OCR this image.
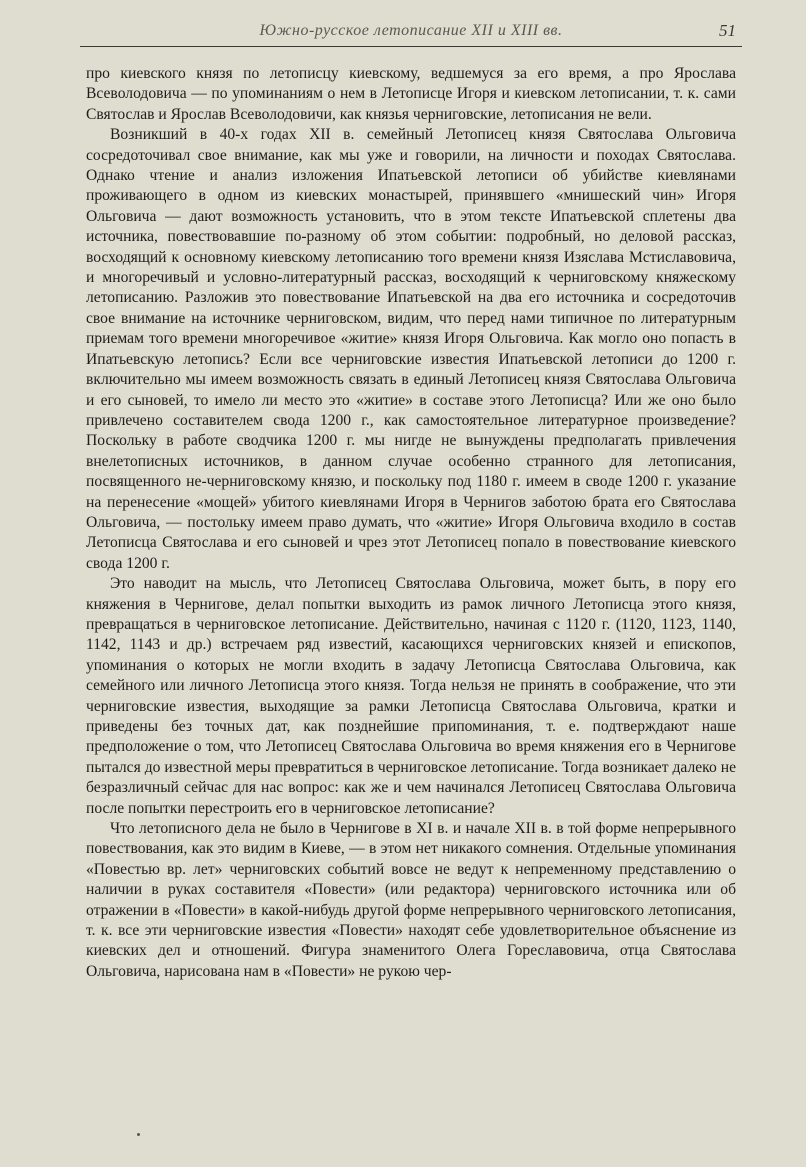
Южно-русское летописание XII и XIII вв.	51

про киевского князя по летописцу киевскому, ведшемуся за его время, а про Ярослава Всеволодовича — по упоминаниям о нем в Летописце Игоря и киевском летописании, т. к. сами Святослав и Ярослав Всеволодовичи, как князья черниговские, летописания не вели.

Возникший в 40-х годах XII в. семейный Летописец князя Святослава Ольговича сосредоточивал свое внимание, как мы уже и говорили, на личности и походах Святослава. Однако чтение и анализ изложения Ипатьевской летописи об убийстве киевлянами проживающего в одном из киевских монастырей, принявшего «мнишеский чин» Игоря Ольговича — дают возможность установить, что в этом тексте Ипатьевской сплетены два источника, повествовавшие по-разному об этом событии: подробный, но деловой рассказ, восходящий к основному киевскому летописанию того времени князя Изяслава Мстиславовича, и многоречивый и условно-литературный рассказ, восходящий к черниговскому княжескому летописанию. Разложив это повествование Ипатьевской на два его источника и сосредоточив свое внимание на источнике черниговском, видим, что перед нами типичное по литературным приемам того времени многоречивое «житие» князя Игоря Ольговича. Как могло оно попасть в Ипатьевскую летопись? Если все черниговские известия Ипатьевской летописи до 1200 г. включительно мы имеем возможность связать в единый Летописец князя Святослава Ольговича и его сыновей, то имело ли место это «житие» в составе этого Летописца? Или же оно было привлечено составителем свода 1200 г., как самостоятельное литературное произведение? Поскольку в работе сводчика 1200 г. мы нигде не вынуждены предполагать привлечения внелетописных источников, в данном случае особенно странного для летописания, посвященного не-черниговскому князю, и поскольку под 1180 г. имеем в своде 1200 г. указание на перенесение «мощей» убитого киевлянами Игоря в Чернигов заботою брата его Святослава Ольговича, — постольку имеем право думать, что «житие» Игоря Ольговича входило в состав Летописца Святослава и его сыновей и чрез этот Летописец попало в повествование киевского свода 1200 г.

Это наводит на мысль, что Летописец Святослава Ольговича, может быть, в пору его княжения в Чернигове, делал попытки выходить из рамок личного Летописца этого князя, превращаться в черниговское летописание. Действительно, начиная с 1120 г. (1120, 1123, 1140, 1142, 1143 и др.) встречаем ряд известий, касающихся черниговских князей и епископов, упоминания о которых не могли входить в задачу Летописца Святослава Ольговича, как семейного или личного Летописца этого князя. Тогда нельзя не принять в соображение, что эти черниговские известия, выходящие за рамки Летописца Святослава Ольговича, кратки и приведены без точных дат, как позднейшие припоминания, т. е. подтверждают наше предположение о том, что Летописец Святослава Ольговича во время княжения его в Чернигове пытался до известной меры превратиться в черниговское летописание. Тогда возникает далеко не безразличный сейчас для нас вопрос: как же и чем начинался Летописец Святослава Ольговича после попытки перестроить его в черниговское летописание?

Что летописного дела не было в Чернигове в XI в. и начале XII в. в той форме непрерывного повествования, как это видим в Киеве, — в этом нет никакого сомнения. Отдельные упоминания «Повестью вр. лет» черниговских событий вовсе не ведут к непременному представлению о наличии в руках составителя «Повести» (или редактора) черниговского источника или об отражении в «Повести» в какой-нибудь другой форме непрерывного черниговского летописания, т. к. все эти черниговские известия «Повести» находят себе удовлетворительное объяснение из киевских дел и отношений. Фигура знаменитого Олега Гореславовича, отца Святослава Ольговича, нарисована нам в «Повести» не рукою чер-
